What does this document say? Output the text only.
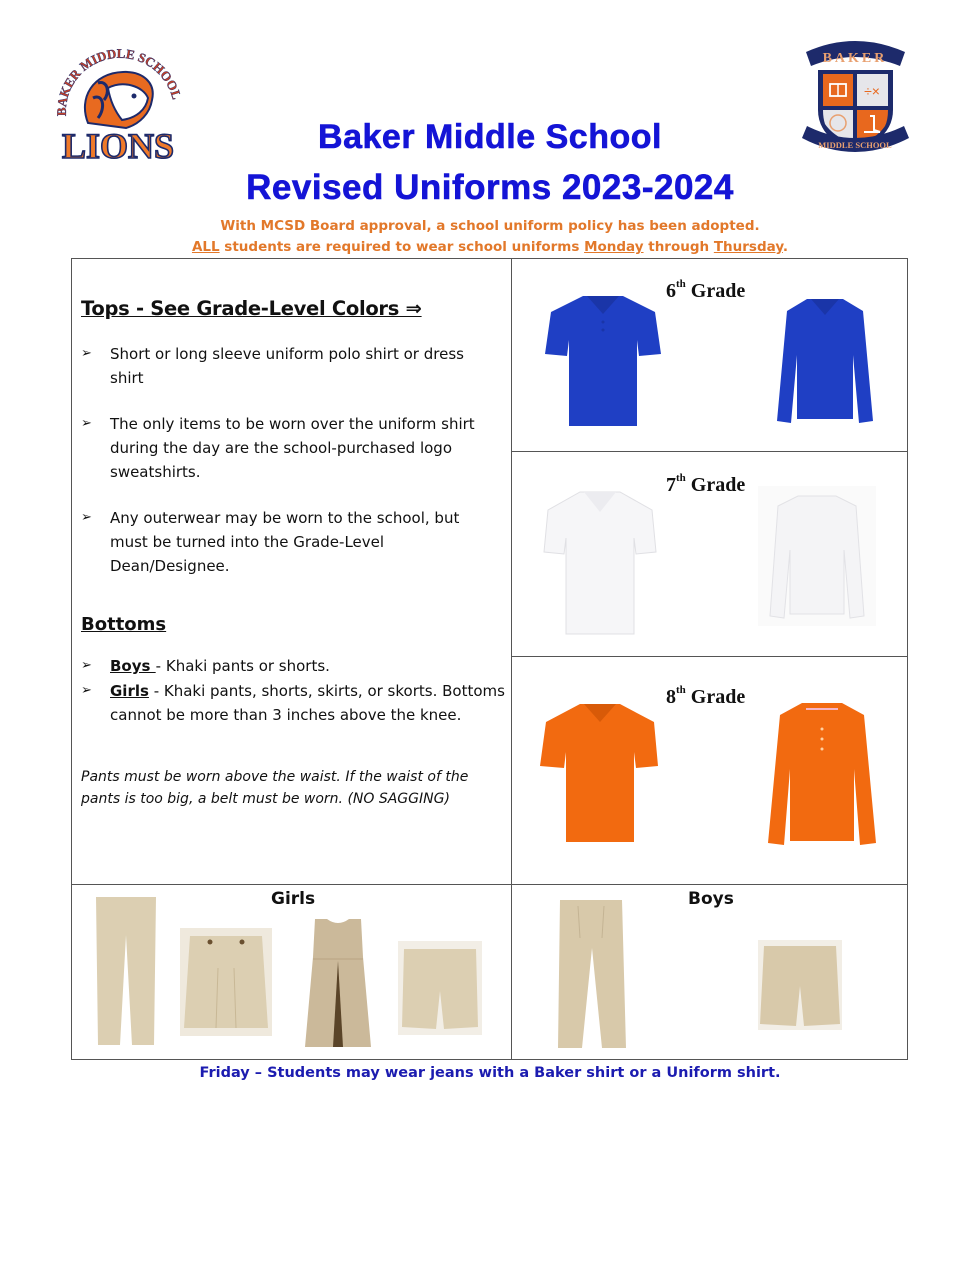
BAKER MIDDLE SCHOOL
LIONS
BAKER
÷×
MIDDLE SCHOOL
Baker Middle School
Revised Uniforms 2023-2024
With MCSD Board approval, a school uniform policy has been adopted.
ALL students are required to wear school uniforms Monday through Thursday.
Tops - See Grade-Level Colors ⇒
➢ Short or long sleeve uniform polo shirt or dress shirt
➢ The only items to be worn over the uniform shirt during the day are the school-purchased logo sweatshirts.
➢ Any outerwear may be worn to the school, but must be turned into the Grade-Level Dean/Designee.
Bottoms
➢ Boys - Khaki pants or shorts.
➢ Girls - Khaki pants, shorts, skirts, or skorts. Bottoms cannot be more than 3 inches above the knee.
Pants must be worn above the waist. If the waist of the pants is too big, a belt must be worn. (NO SAGGING)
6th Grade
7th Grade
8th Grade
Girls	Boys
Friday – Students may wear jeans with a Baker shirt or a Uniform shirt.
